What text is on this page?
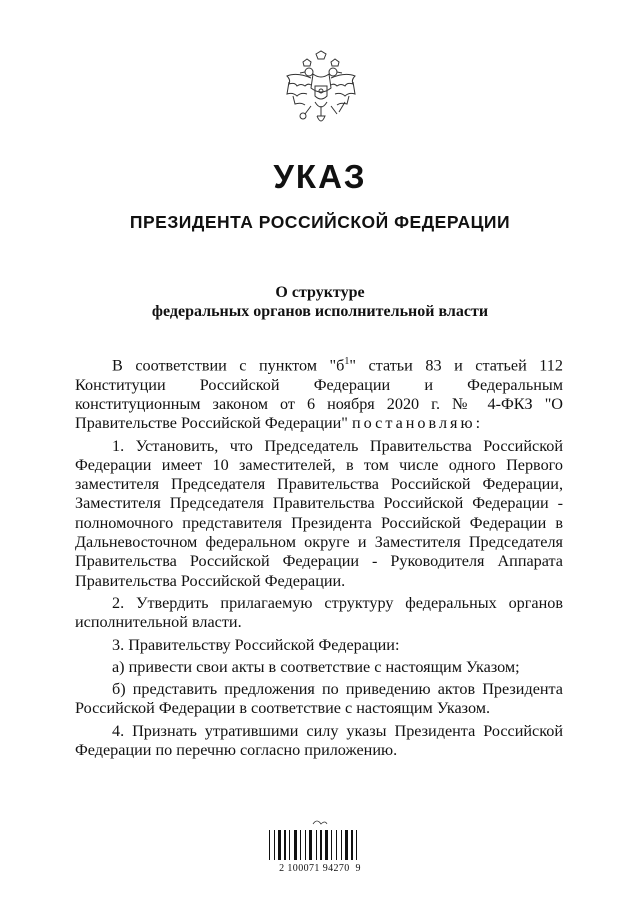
УКАЗ
ПРЕЗИДЕНТА РОССИЙСКОЙ ФЕДЕРАЦИИ
О структуре
федеральных органов исполнительной власти

В соответствии с пунктом "$б^1$" статьи 83 и статьей 112 Конституции Российской Федерации и Федеральным конституционным законом от 6 ноября 2020 г. № 4-ФКЗ "О Правительстве Российской Федерации" постановляю:

1. Установить, что Председатель Правительства Российской Федерации имеет 10 заместителей, в том числе одного Первого заместителя Председателя Правительства Российской Федерации, Заместителя Председателя Правительства Российской Федерации - полномочного представителя Президента Российской Федерации в Дальневосточном федеральном округе и Заместителя Председателя Правительства Российской Федерации - Руководителя Аппарата Правительства Российской Федерации.

2. Утвердить прилагаемую структуру федеральных органов исполнительной власти.

3. Правительству Российской Федерации:

а) привести свои акты в соответствие с настоящим Указом;

б) представить предложения по приведению актов Президента Российской Федерации в соответствие с настоящим Указом.

4. Признать утратившими силу указы Президента Российской Федерации по перечню согласно приложению.

2 100071 94270  9
